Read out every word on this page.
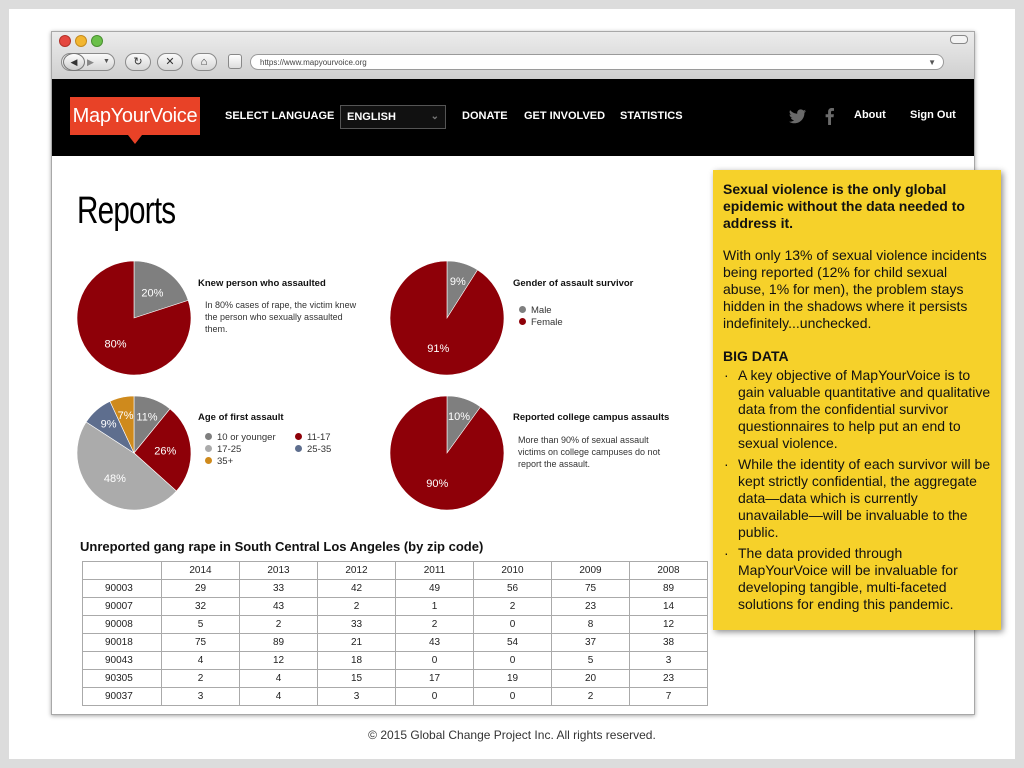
◀	▶ ▼	↻	✕	⌂	https://www.mapyourvoice.org	▼
MapYourVoice	SELECT LANGUAGE	ENGLISH	⌄ DONATE GET INVOLVED STATISTICS	About Sign Out
Reports
20%
80%
Knew person who assaulted
In 80% cases of rape, the victim knew the person who sexually assaulted them.
9%
91%
Gender of assault survivor
Male
Female
11%
26%
48%
9%
7%	Age of first assault
10 or younger	11-17
17-25	25-35
35+
10%
90%
Reported college campus assaults
More than 90% of sexual assault victims on college campuses do not report the assault.
Unreported gang rape in South Central Los Angeles (by zip code)
	2014	2013	2012	2011	2010	2009	2008
90003	29	33	42	49	56	75	89
90007	32	43	2	1	2	23	14
90008	5	2	33	2	0	8	12
90018	75	89	21	43	54	37	38
90043	4	12	18	0	0	5	3
90305	2	4	15	17	19	20	23
90037	3	4	3	0	0	2	7

Sexual violence is the only global epidemic without the data needed to address it.

With only 13% of sexual violence incidents being reported (12% for child sexual abuse, 1% for men), the problem stays hidden in the shadows where it persists indefinitely...unchecked.

BIG DATA

· A key objective of MapYourVoice is to gain valuable quantitative and qualitative data from the confidential survivor questionnaires to help put an end to sexual violence.
· While the identity of each survivor will be kept strictly confidential, the aggregate data—data which is currently unavailable—will be invaluable to the public.
· The data provided through MapYourVoice will be invaluable for developing tangible, multi-faceted solutions for ending this pandemic.
© 2015 Global Change Project Inc. All rights reserved.
